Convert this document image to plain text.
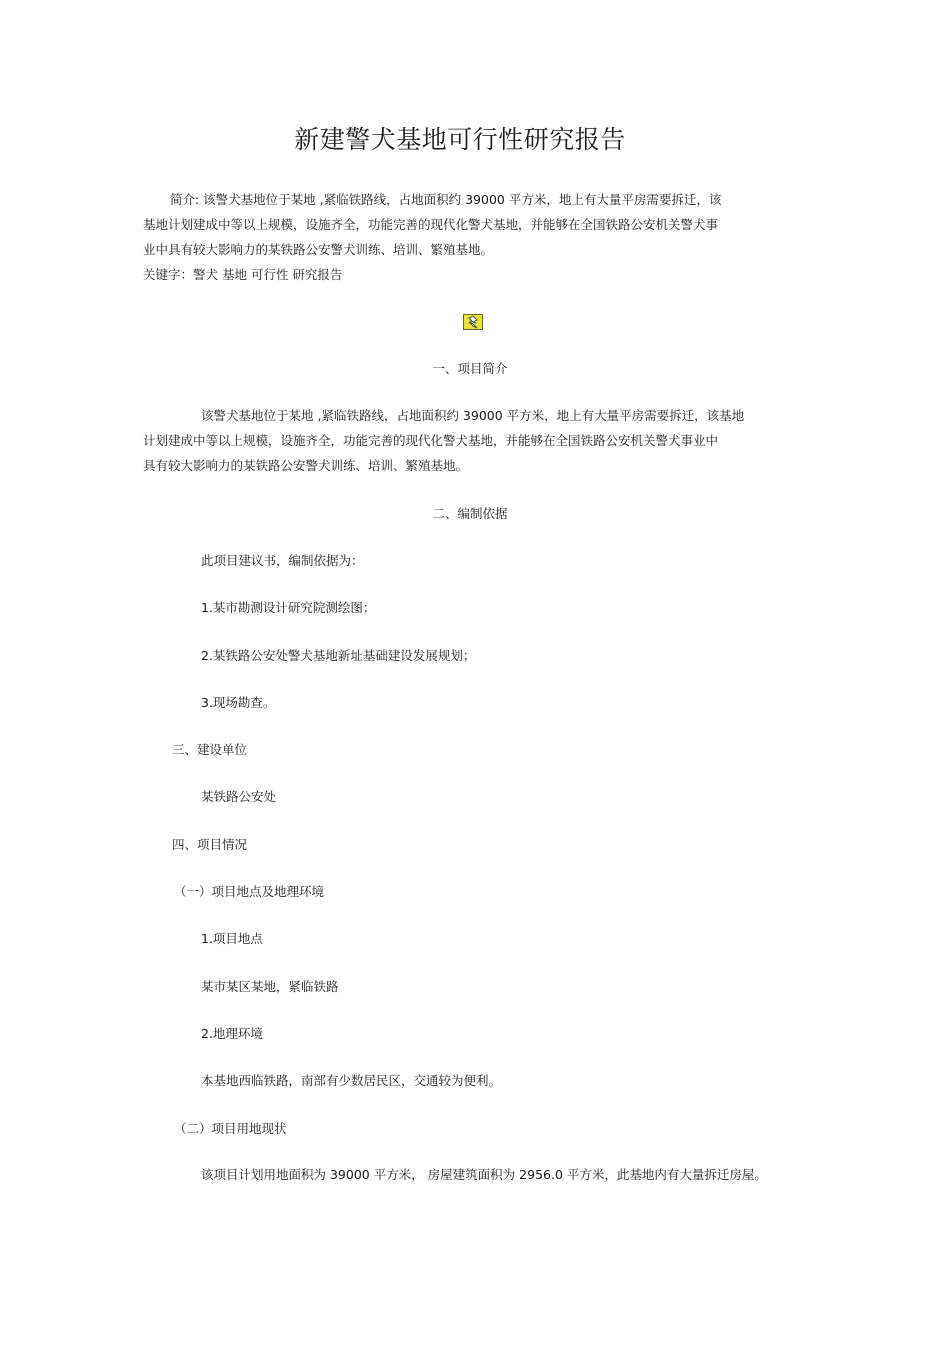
新建警犬基地可行性研究报告
简介: 该警犬基地位于某地 ,紧临铁路线，占地面积约 39000 平方米，地上有大量平房需要拆迁，该
基地计划建成中等以上规模，设施齐全，功能完善的现代化警犬基地，并能够在全国铁路公安机关警犬事
业中具有较大影响力的某铁路公安警犬训练、培训、繁殖基地。
关键字：警犬 基地 可行性 研究报告
一、项目简介
该警犬基地位于某地 ,紧临铁路线，占地面积约 39000 平方米，地上有大量平房需要拆迁，该基地
计划建成中等以上规模，设施齐全，功能完善的现代化警犬基地，并能够在全国铁路公安机关警犬事业中
具有较大影响力的某铁路公安警犬训练、培训、繁殖基地。
二、编制依据
此项目建议书，编制依据为：
1.某市勘测设计研究院测绘图；
2.某铁路公安处警犬基地新址基础建设发展规划；
3.现场勘查。
三、建设单位
某铁路公安处
四、项目情况
（一）项目地点及地理环境
1.项目地点
某市某区某地，紧临铁路
2.地理环境
本基地西临铁路，南部有少数居民区，交通较为便利。
（二）项目用地现状
该项目计划用地面积为 39000 平方米， 房屋建筑面积为 2956.0 平方米，此基地内有大量拆迁房屋。
